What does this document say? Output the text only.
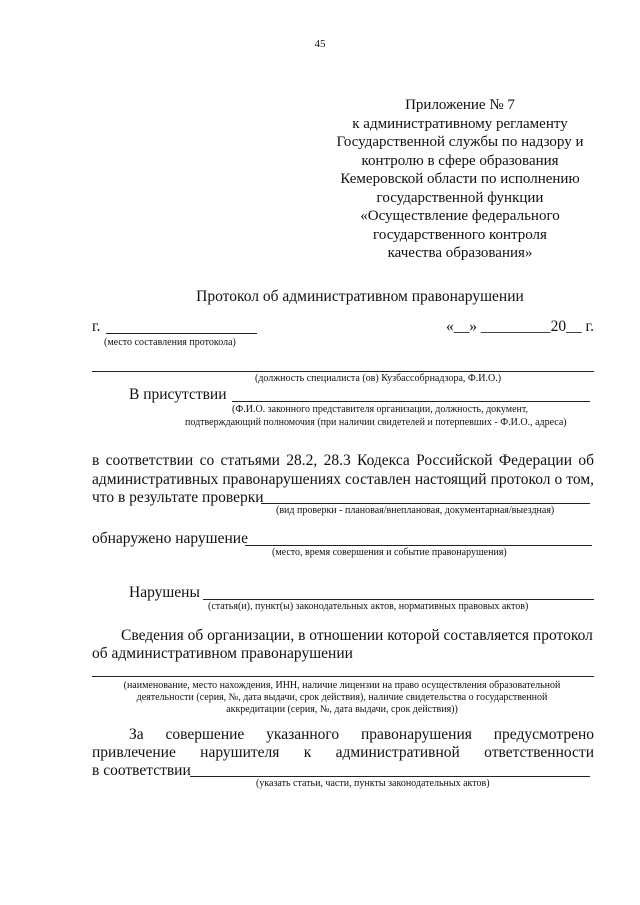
45
Приложение № 7
к административному регламенту
Государственной службы по надзору и
контролю в сфере образования
Кемеровской области по исполнению
государственной функции
«Осуществление федерального
государственного контроля
качества образования»
Протокол об административном правонарушении
г.
(место составления протокола)
«__» _________20__ г.
(должность специалиста (ов) Кузбассобрнадзора, Ф.И.О.)
В присутствии
(Ф.И.О. законного представителя организации, должность, документ,
подтверждающий полномочия (при наличии свидетелей и потерпевших - Ф.И.О., адреса)
в соответствии со статьями 28.2, 28.3 Кодекса Российской Федерации об
административных правонарушениях составлен настоящий протокол о том,
что в результате проверки
(вид проверки - плановая/внеплановая, документарная/выездная)
обнаружено нарушение
(место, время совершения и событие правонарушения)
Нарушены
(статья(и), пункт(ы) законодательных актов, нормативных правовых актов)
Сведения об организации, в отношении которой составляется протокол
об административном правонарушении
(наименование, место нахождения, ИНН, наличие лицензии на право осуществления образовательной
деятельности (серия, №, дата выдачи, срок действия), наличие свидетельства о государственной
аккредитации (серия, №, дата выдачи, срок действия))
За совершение указанного правонарушения предусмотрено
привлечение нарушителя к административной ответственности
в соответствии
(указать статьи, части, пункты законодательных актов)
